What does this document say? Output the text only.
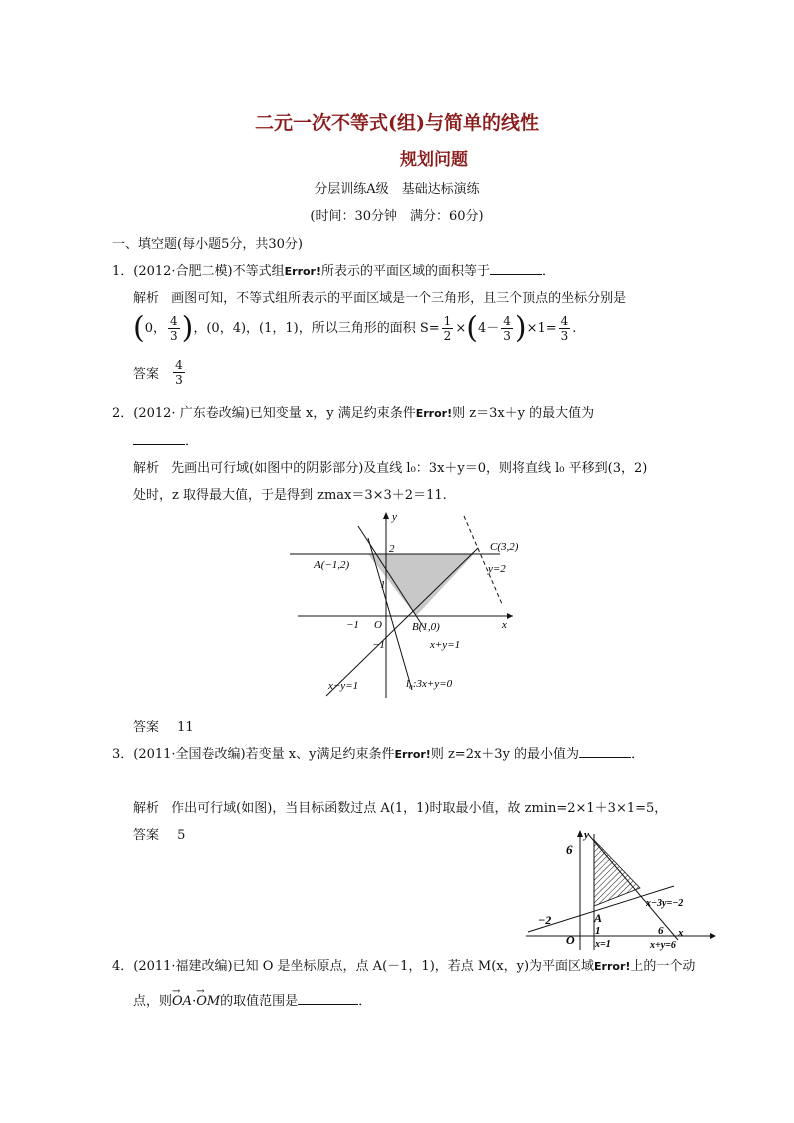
二元一次不等式(组)与简单的线性
规划问题
分层训练A级　基础达标演练
(时间：30分钟　满分：60分)
一、填空题(每小题5分，共30分)
1．(2012·合肥二模)不等式组Error!所表示的平面区域的面积等于	．
解析 画图可知，不等式组所表示的平面区域是一个三角形，且三个顶点的坐标分别是
(0， $\frac{4}{3}$ )，(0，4)，(1，1)，所以三角形的面积 $S= \frac{1}{2} \times(4- \frac{4}{3} )\times 1= \frac{4}{3}$ .
答案 $\frac{4}{3}$
2．(2012· 广东卷改编)已知变量 x，y 满足约束条件Error!则 z＝3x＋y 的最大值为
．
解析 先画出可行域(如图中的阴影部分)及直线 l₀：3x＋y＝0，则将直线 l₀ 平移到(3，2)
处时，z 取得最大值，于是得到 zmax＝3×3＋2＝11.
y
x
2
1
−1 O
−1
A(−1,2)
B(1,0)
C(3,2)
y=2
x+y=1
x−y=1	l₀:3x+y=0
答案 11
3．(2011·全国卷改编)若变量 x、y满足约束条件Error!则 z=2x＋3y 的最小值为	．
解析 作出可行域(如图)，当目标函数过点 A(1，1)时取最小值，故 zmin=2×1＋3×1=5，
答案 5	y
x
6
−2
O
A
1	6
x=1	x+y=6
x−3y=−2
4．(2011·福建改编)已知 O 是坐标原点，点 A(－1，1)，若点 M(x，y)为平面区域Error!上的一个动
点，则
→
OA·
→
OM的取值范围是	．
